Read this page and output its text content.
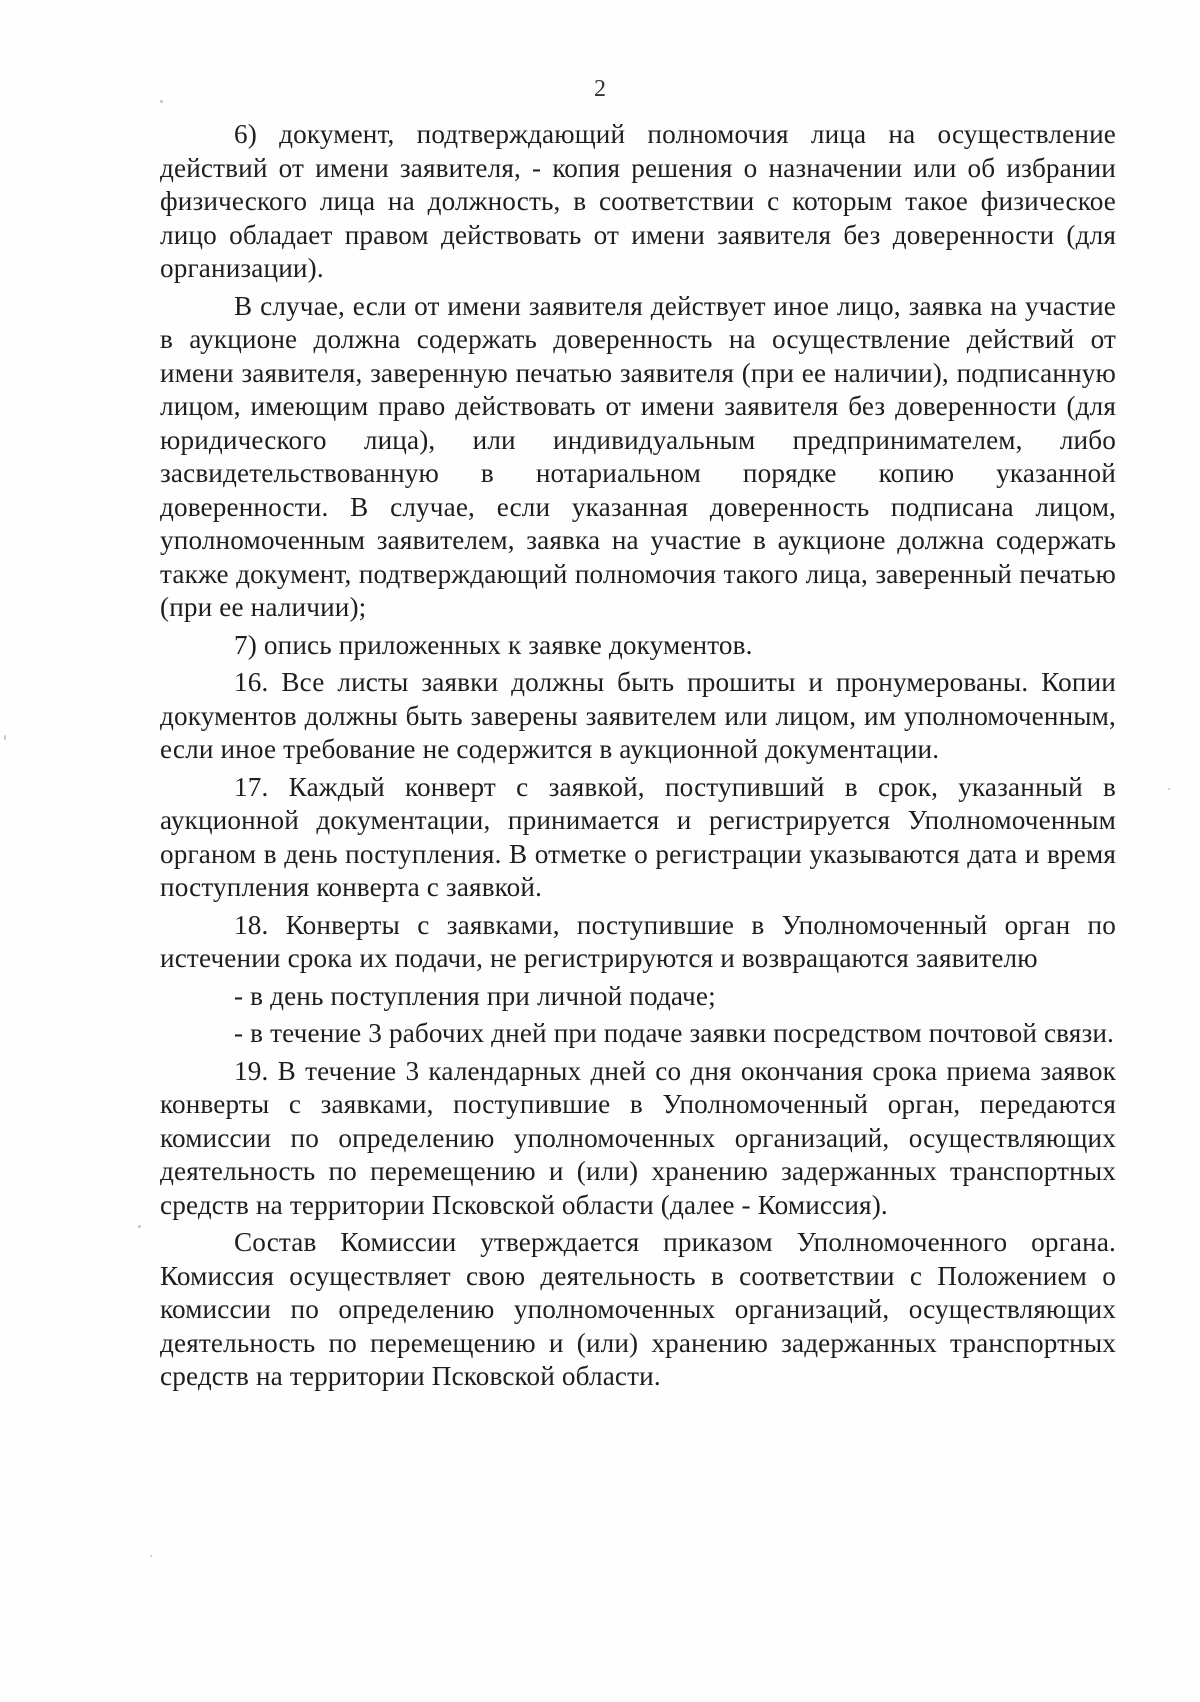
2

6) документ, подтверждающий полномочия лица на осуществление действий от имени заявителя, - копия решения о назначении или об избрании физического лица на должность, в соответствии с которым такое физическое лицо обладает правом действовать от имени заявителя без доверенности (для организации).

В случае, если от имени заявителя действует иное лицо, заявка на участие в аукционе должна содержать доверенность на осуществление действий от имени заявителя, заверенную печатью заявителя (при ее наличии), подписанную лицом, имеющим право действовать от имени заявителя без доверенности (для юридического лица), или индивидуальным предпринимателем, либо засвидетельствованную в нотариальном порядке копию указанной доверенности. В случае, если указанная доверенность подписана лицом, уполномоченным заявителем, заявка на участие в аукционе должна содержать также документ, подтверждающий полномочия такого лица, заверенный печатью (при ее наличии);

7) опись приложенных к заявке документов.

16. Все листы заявки должны быть прошиты и пронумерованы. Копии документов должны быть заверены заявителем или лицом, им уполномоченным, если иное требование не содержится в аукционной документации.

17. Каждый конверт с заявкой, поступивший в срок, указанный в аукционной документации, принимается и регистрируется Уполномоченным органом в день поступления. В отметке о регистрации указываются дата и время поступления конверта с заявкой.

18. Конверты с заявками, поступившие в Уполномоченный орган по истечении срока их подачи, не регистрируются и возвращаются заявителю

- в день поступления при личной подаче;

- в течение 3 рабочих дней при подаче заявки посредством почтовой связи.

19. В течение 3 календарных дней со дня окончания срока приема заявок конверты с заявками, поступившие в Уполномоченный орган, передаются комиссии по определению уполномоченных организаций, осуществляющих деятельность по перемещению и (или) хранению задержанных транспортных средств на территории Псковской области (далее - Комиссия).

Состав Комиссии утверждается приказом Уполномоченного органа. Комиссия осуществляет свою деятельность в соответствии с Положением о комиссии по определению уполномоченных организаций, осуществляющих деятельность по перемещению и (или) хранению задержанных транспортных средств на территории Псковской области.
